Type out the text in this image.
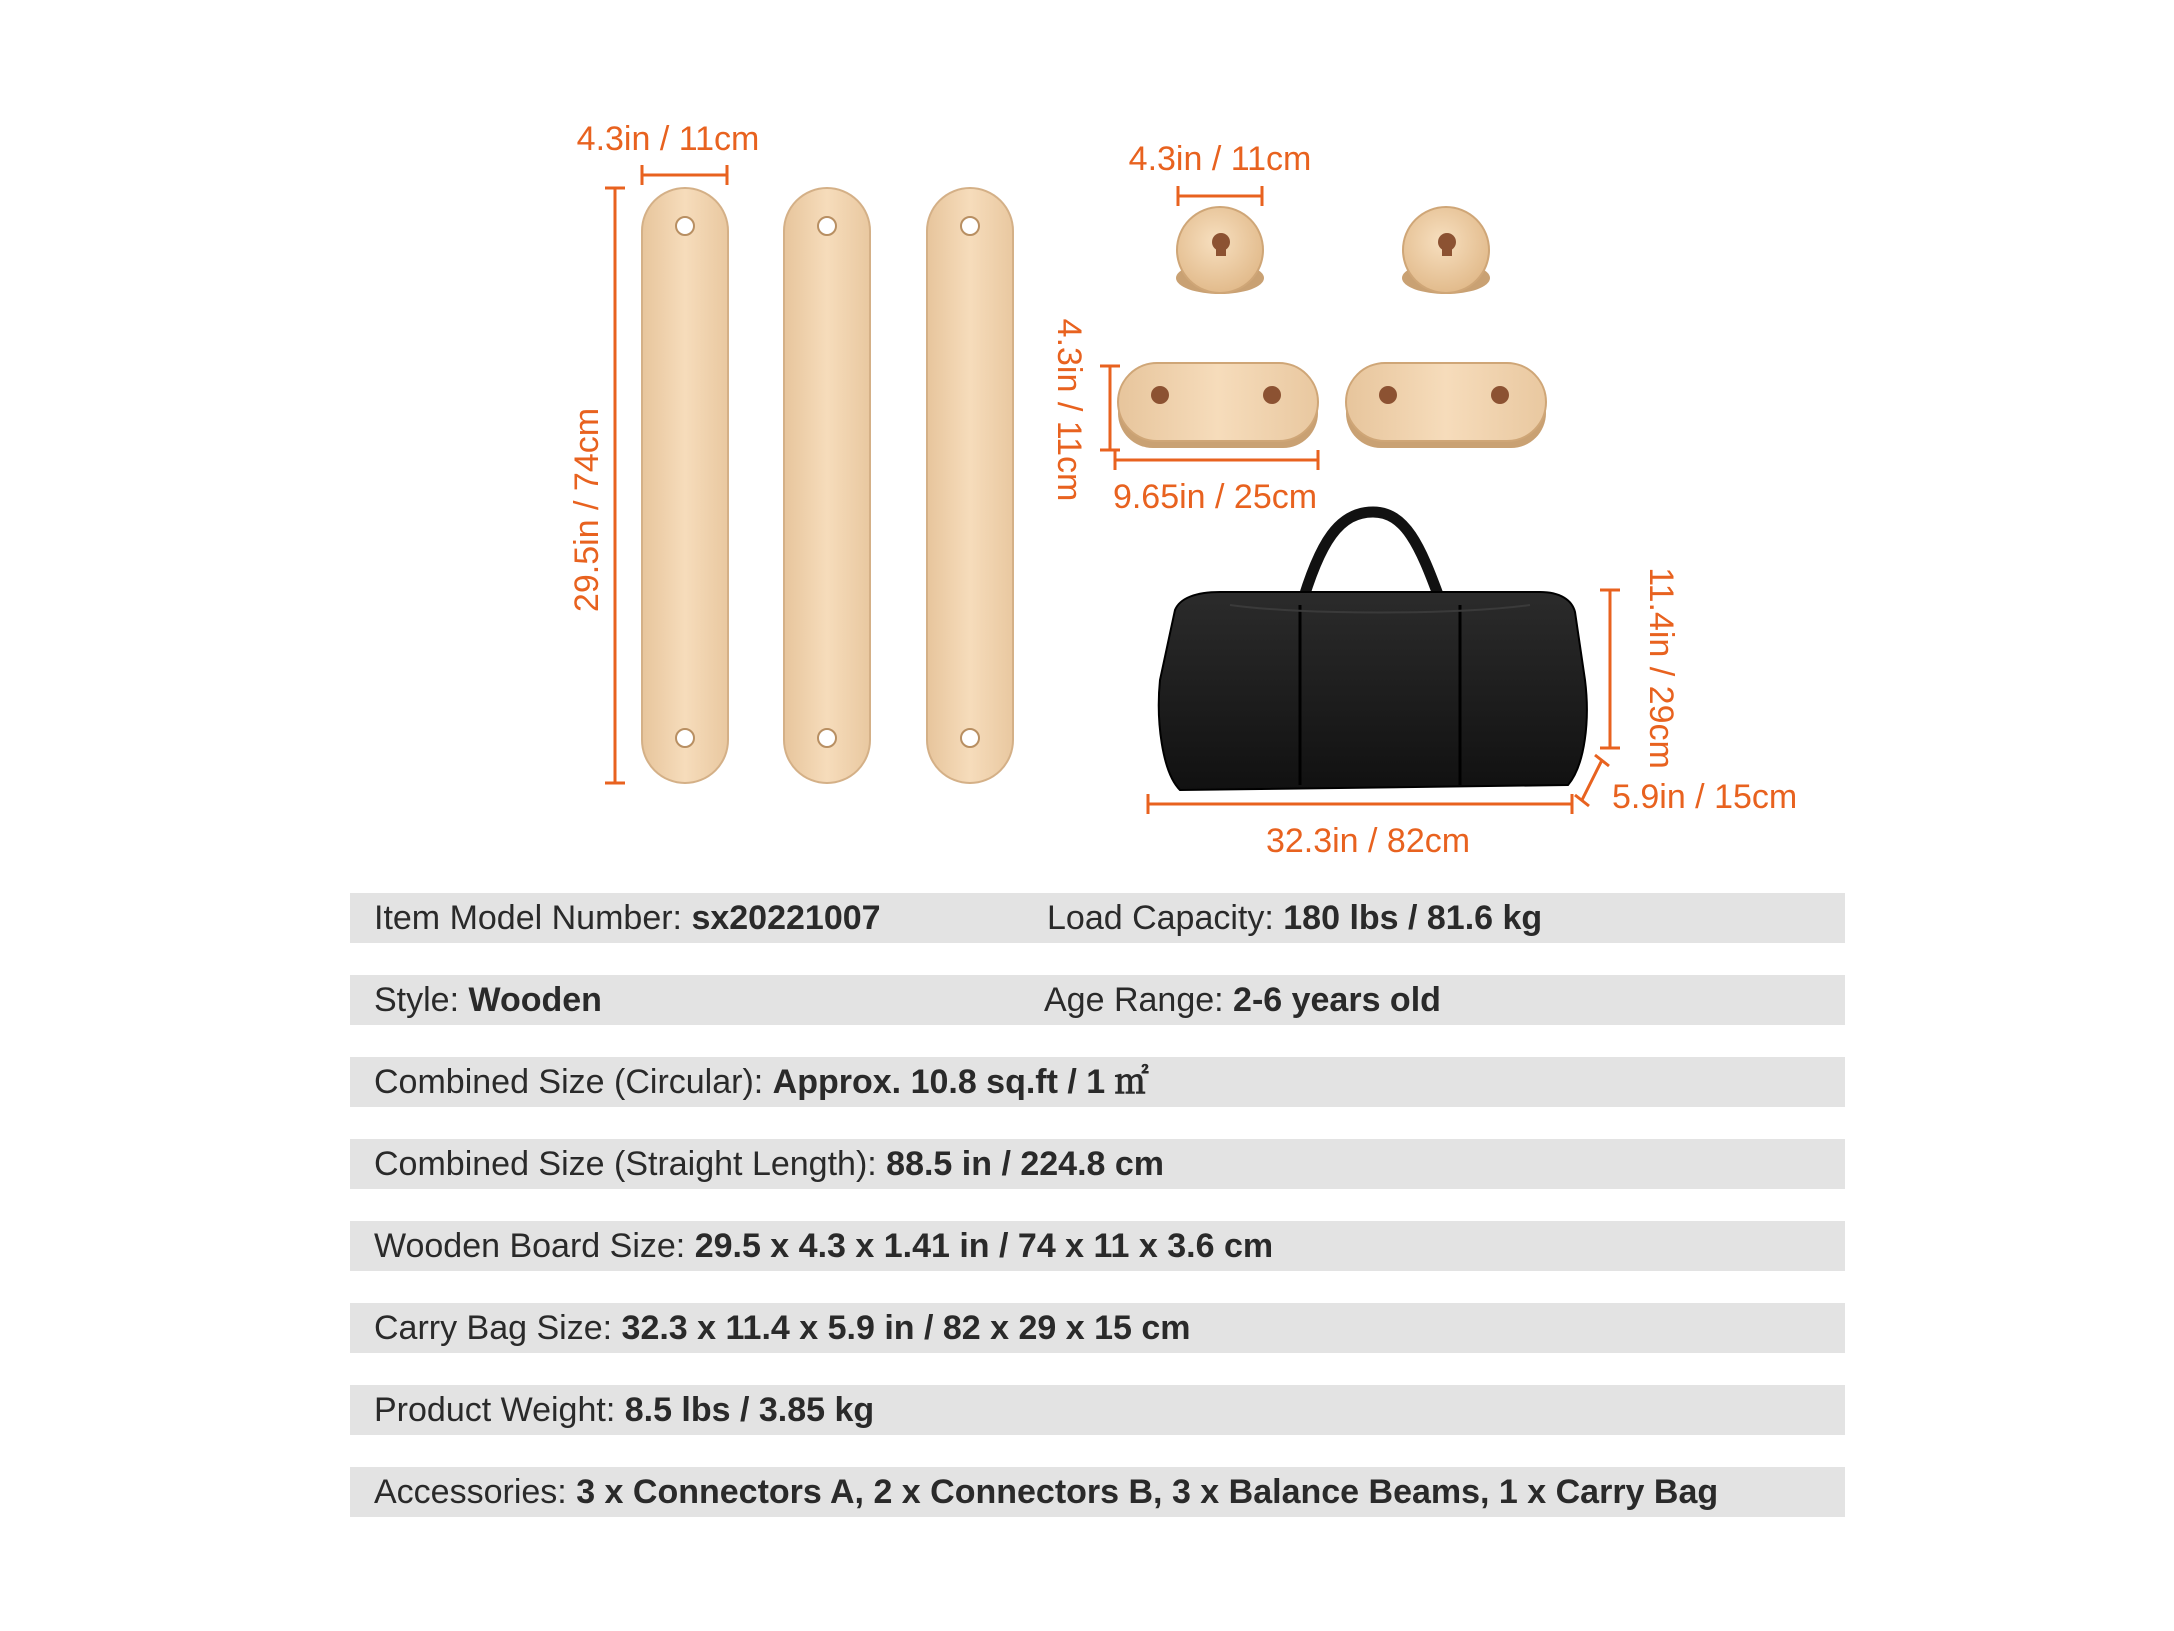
4.3in / 11cm
29.5in / 74cm
4.3in / 11cm
4.3in / 11cm 9.65in / 25cm
11.4in / 29cm
32.3in / 82cm
5.9in / 15cm
Item Model Number: sx20221007	Load Capacity: 180 lbs / 81.6 kg
Style: Wooden	Age Range: 2-6 years old
Combined Size (Circular): Approx. 10.8 sq.ft / 1 ㎡
Combined Size (Straight Length): 88.5 in / 224.8 cm
Wooden Board Size: 29.5 x 4.3 x 1.41 in / 74 x 11 x 3.6 cm
Carry Bag Size: 32.3 x 11.4 x 5.9 in / 82 x 29 x 15 cm
Product Weight: 8.5 lbs / 3.85 kg
Accessories: 3 x Connectors A, 2 x Connectors B, 3 x Balance Beams, 1 x Carry Bag
